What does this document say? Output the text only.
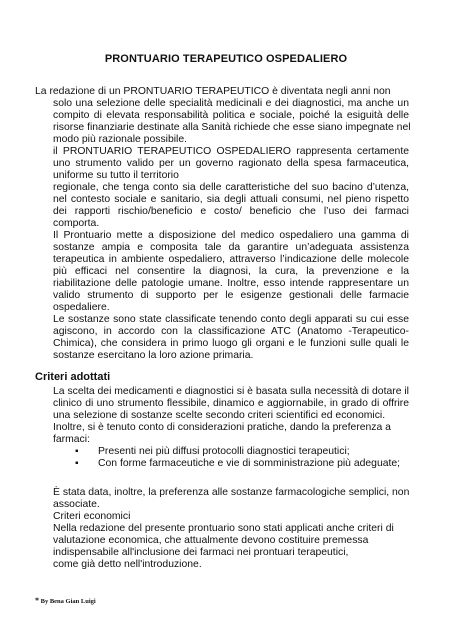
PRONTUARIO TERAPEUTICO OSPEDALIERO
La redazione di un PRONTUARIO TERAPEUTICO è diventata negli anni non
solo una selezione delle specialità medicinali e dei diagnostici, ma anche un
compito di elevata responsabilità politica e sociale, poiché la esiguità delle
risorse finanziarie destinate alla Sanità richiede che esse siano impegnate nel
modo più razionale possibile.
il PRONTUARIO TERAPEUTICO OSPEDALIERO rappresenta certamente
uno strumento valido per un governo ragionato della spesa farmaceutica,
uniforme su tutto il territorio
regionale, che tenga conto sia delle caratteristiche del suo bacino d’utenza,
nel contesto sociale e sanitario, sia degli attuali consumi, nel pieno rispetto
dei rapporti rischio/beneficio e costo/ beneficio che l’uso dei farmaci
comporta.
Il Prontuario mette a disposizione del medico ospedaliero una gamma di
sostanze ampia e composita tale da garantire un’adeguata assistenza
terapeutica in ambiente ospedaliero, attraverso l’indicazione delle molecole
più efficaci nel consentire la diagnosi, la cura, la prevenzione e la
riabilitazione delle patologie umane. Inoltre, esso intende rappresentare un
valido strumento di supporto per le esigenze gestionali delle farmacie
ospedaliere.
Le sostanze sono state classificate tenendo conto degli apparati su cui esse
agiscono, in accordo con la classificazione ATC (Anatomo -Terapeutico-
Chimica), che considera in primo luogo gli organi e le funzioni sulle quali le
sostanze esercitano la loro azione primaria.
Criteri adottati
La scelta dei medicamenti e diagnostici si è basata sulla necessità di dotare il
clinico di uno strumento flessibile, dinamico e aggiornabile, in grado di offrire
una selezione di sostanze scelte secondo criteri scientifici ed economici.
Inoltre, si è tenuto conto di considerazioni pratiche, dando la preferenza a
farmaci:
▪ Presenti nei più diffusi protocolli diagnostici terapeutici;
▪ Con forme farmaceutiche e vie di somministrazione più adeguate;
È stata data, inoltre, la preferenza alle sostanze farmacologiche semplici, non
associate.
Criteri economici
Nella redazione del presente prontuario sono stati applicati anche criteri di
valutazione economica, che attualmente devono costituire premessa
indispensabile all'inclusione dei farmaci nei prontuari terapeutici,
come già detto nell'introduzione.
* By Bena Gian Luigi
